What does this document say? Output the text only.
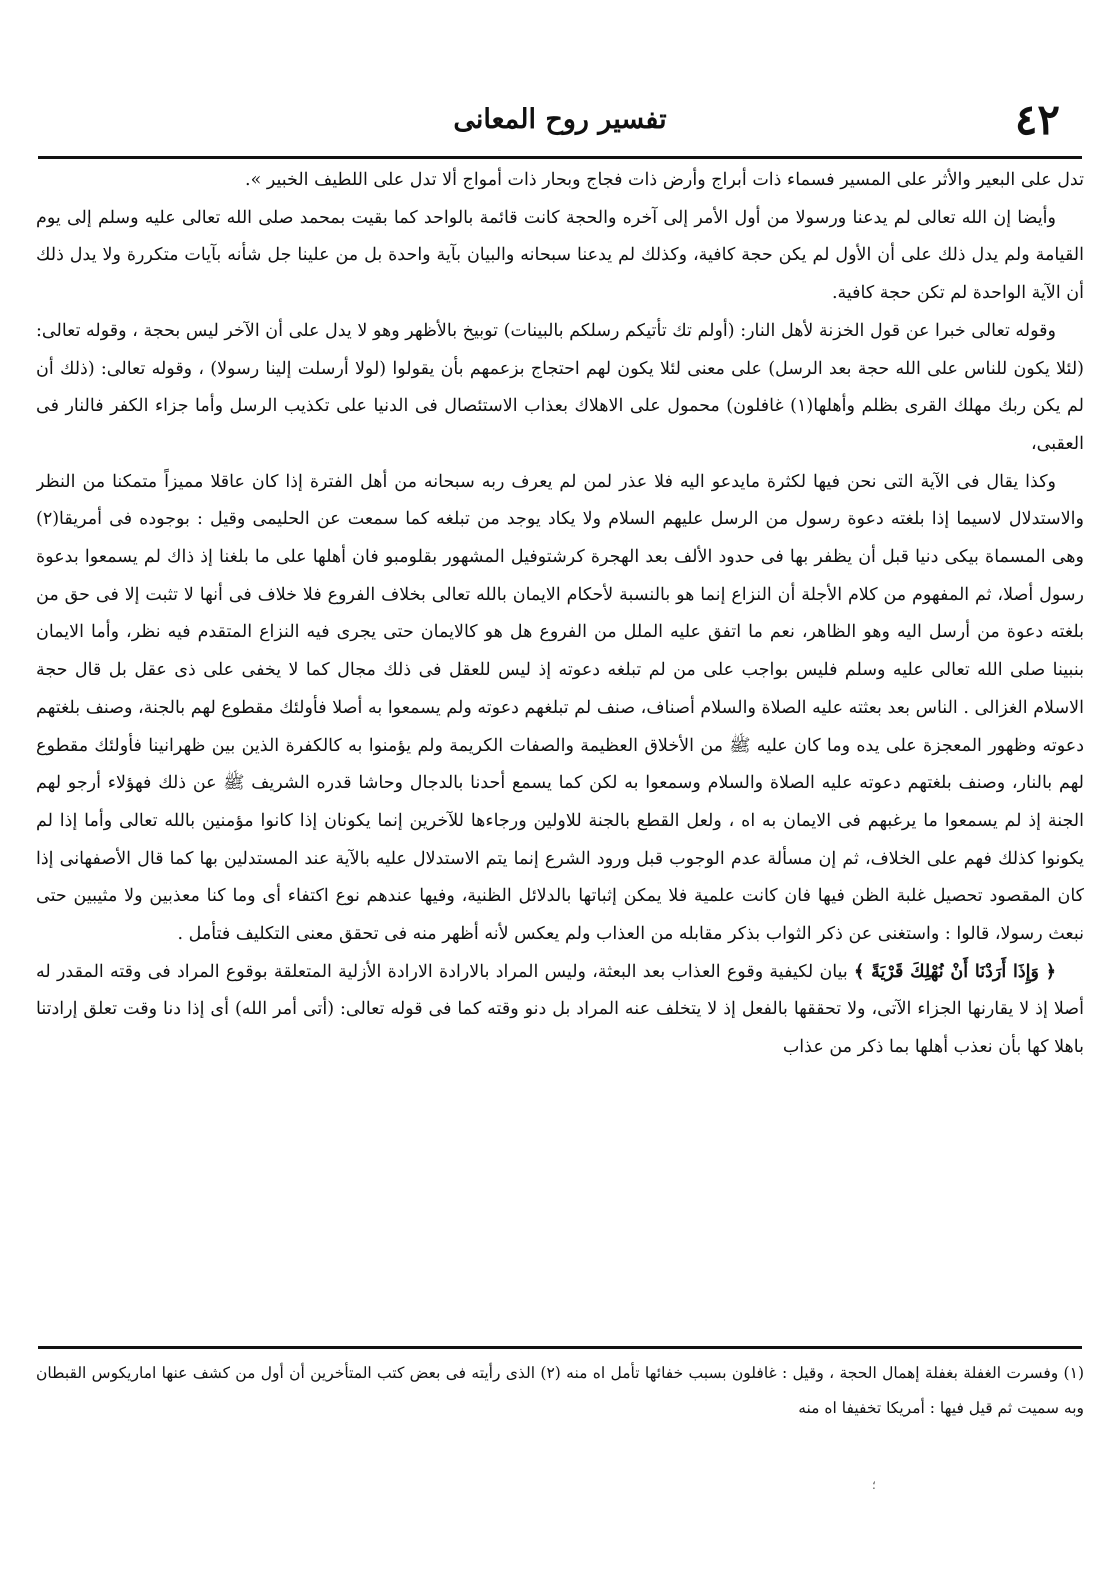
٤٢
تفسير روح المعانى

تدل على البعير والأثر على المسير فسماء ذات أبراج وأرض ذات فجاج وبحار ذات أمواج ألا تدل على اللطيف الخبير ».

وأيضا إن الله تعالى لم يدعنا ورسولا من أول الأمر إلى آخره والحجة كانت قائمة بالواحد كما بقيت بمحمد صلى الله تعالى عليه وسلم إلى يوم القيامة ولم يدل ذلك على أن الأول لم يكن حجة كافية، وكذلك لم يدعنا سبحانه والبيان بآية واحدة بل من علينا جل شأنه بآيات متكررة ولا يدل ذلك أن الآية الواحدة لم تكن حجة كافية.

وقوله تعالى خبرا عن قول الخزنة لأهل النار: (أولم تك تأتيكم رسلكم بالبينات) توبيخ بالأظهر وهو لا يدل على أن الآخر ليس بحجة ، وقوله تعالى: (لئلا يكون للناس على الله حجة بعد الرسل) على معنى لئلا يكون لهم احتجاج بزعمهم بأن يقولوا (لولا أرسلت إلينا رسولا) ، وقوله تعالى: (ذلك أن لم يكن ربك مهلك القرى بظلم وأهلها(١) غافلون) محمول على الاهلاك بعذاب الاستئصال فى الدنيا على تكذيب الرسل وأما جزاء الكفر فالنار فى العقبى،

وكذا يقال فى الآية التى نحن فيها لكثرة مايدعو اليه فلا عذر لمن لم يعرف ربه سبحانه من أهل الفترة إذا كان عاقلا مميزاً متمكنا من النظر والاستدلال لاسيما إذا بلغته دعوة رسول من الرسل عليهم السلام ولا يكاد يوجد من تبلغه كما سمعت عن الحليمى وقيل : بوجوده فى أمريقا(٢) وهى المسماة بيكى دنيا قبل أن يظفر بها فى حدود الألف بعد الهجرة كرشتوفيل المشهور بقلومبو فان أهلها على ما بلغنا إذ ذاك لم يسمعوا بدعوة رسول أصلا، ثم المفهوم من كلام الأجلة أن النزاع إنما هو بالنسبة لأحكام الايمان بالله تعالى بخلاف الفروع فلا خلاف فى أنها لا تثبت إلا فى حق من بلغته دعوة من أرسل اليه وهو الظاهر، نعم ما اتفق عليه الملل من الفروع هل هو كالايمان حتى يجرى فيه النزاع المتقدم فيه نظر، وأما الايمان بنبينا صلى الله تعالى عليه وسلم فليس بواجب على من لم تبلغه دعوته إذ ليس للعقل فى ذلك مجال كما لا يخفى على ذى عقل بل قال حجة الاسلام الغزالى . الناس بعد بعثته عليه الصلاة والسلام أصناف، صنف لم تبلغهم دعوته ولم يسمعوا به أصلا فأولئك مقطوع لهم بالجنة، وصنف بلغتهم دعوته وظهور المعجزة على يده وما كان عليه ﷺ من الأخلاق العظيمة والصفات الكريمة ولم يؤمنوا به كالكفرة الذين بين ظهرانينا فأولئك مقطوع لهم بالنار، وصنف بلغتهم دعوته عليه الصلاة والسلام وسمعوا به لكن كما يسمع أحدنا بالدجال وحاشا قدره الشريف ﷺ عن ذلك فهؤلاء أرجو لهم الجنة إذ لم يسمعوا ما يرغبهم فى الايمان به اه ، ولعل القطع بالجنة للاولين ورجاءها للآخرين إنما يكونان إذا كانوا مؤمنين بالله تعالى وأما إذا لم يكونوا كذلك فهم على الخلاف، ثم إن مسألة عدم الوجوب قبل ورود الشرع إنما يتم الاستدلال عليه بالآية عند المستدلين بها كما قال الأصفهانى إذا كان المقصود تحصيل غلبة الظن فيها فان كانت علمية فلا يمكن إثباتها بالدلائل الظنية، وفيها عندهم نوع اكتفاء أى وما كنا معذبين ولا مثيبين حتى نبعث رسولا، قالوا : واستغنى عن ذكر الثواب بذكر مقابله من العذاب ولم يعكس لأنه أظهر منه فى تحقق معنى التكليف فتأمل .

﴿ وَإِذَا أَرَدْنَا أَنْ نُهْلِكَ قَرْيَةً ﴾ بيان لكيفية وقوع العذاب بعد البعثة، وليس المراد بالارادة الارادة الأزلية المتعلقة بوقوع المراد فى وقته المقدر له أصلا إذ لا يقارنها الجزاء الآتى، ولا تحققها بالفعل إذ لا يتخلف عنه المراد بل دنو وقته كما فى قوله تعالى: (أتى أمر الله) أى إذا دنا وقت تعلق إرادتنا باهلا كها بأن نعذب أهلها بما ذكر من عذاب

(١) وفسرت الغفلة بغفلة إهمال الحجة ، وقيل : غافلون بسبب خفائها تأمل اه منه (٢) الذى رأيته فى بعض كتب المتأخرين أن أول من كشف عنها اماريكوس القبطان وبه سميت ثم قيل فيها : أمريكا تخفيفا اه منه

؛
